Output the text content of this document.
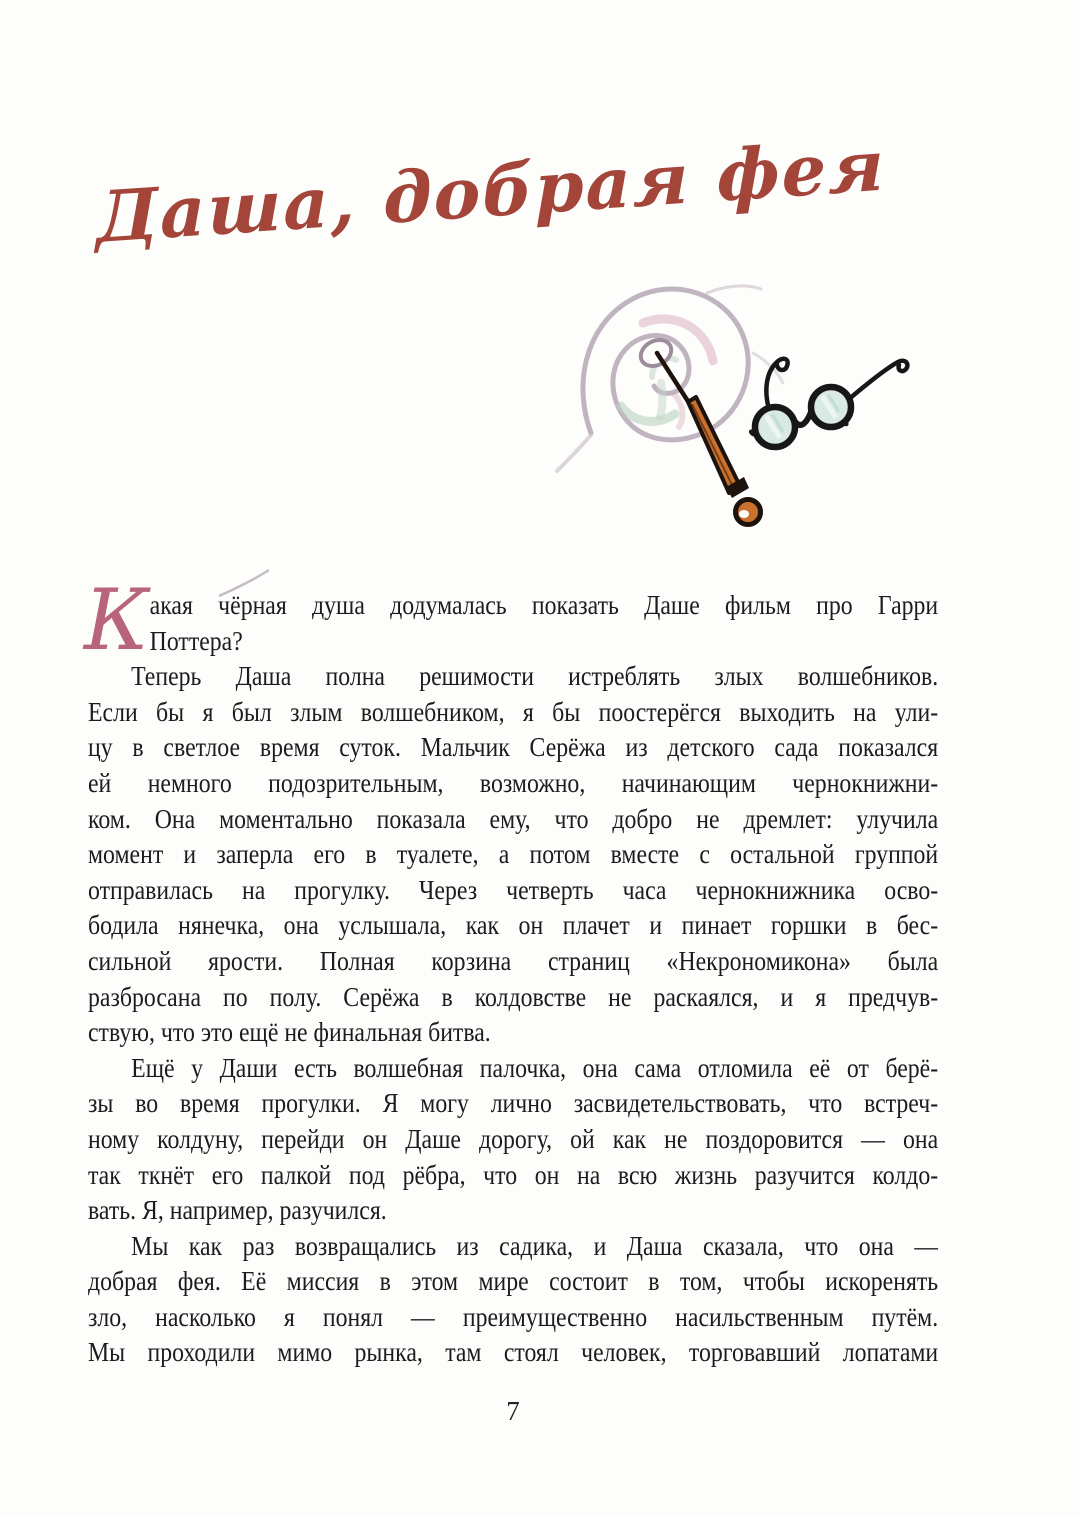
Даша, добрая фея
К акая чёрная душа додумалась показать Даше фильм про Гарри
Поттера?
Теперь Даша полна решимости истреблять злых волшебников.
Если бы я был злым волшебником, я бы поостерёгся выходить на ули-
цу в светлое время суток. Мальчик Серёжа из детского сада показался
ей немного подозрительным, возможно, начинающим чернокнижни-
ком. Она моментально показала ему, что добро не дремлет: улучила
момент и заперла его в туалете, а потом вместе с остальной группой
отправилась на прогулку. Через четверть часа чернокнижника осво-
бодила нянечка, она услышала, как он плачет и пинает горшки в бес-
сильной ярости. Полная корзина страниц «Некрономикона» была
разбросана по полу. Серёжа в колдовстве не раскаялся, и я предчув-
ствую, что это ещё не финальная битва.
Ещё у Даши есть волшебная палочка, она сама отломила её от берё-
зы во время прогулки. Я могу лично засвидетельствовать, что встреч-
ному колдуну, перейди он Даше дорогу, ой как не поздоровится — она
так ткнёт его палкой под рёбра, что он на всю жизнь разучится колдо-
вать. Я, например, разучился.
Мы как раз возвращались из садика, и Даша сказала, что она —
добрая фея. Её миссия в этом мире состоит в том, чтобы искоренять
зло, насколько я понял — преимущественно насильственным путём.
Мы проходили мимо рынка, там стоял человек, торговавший лопатами
7
